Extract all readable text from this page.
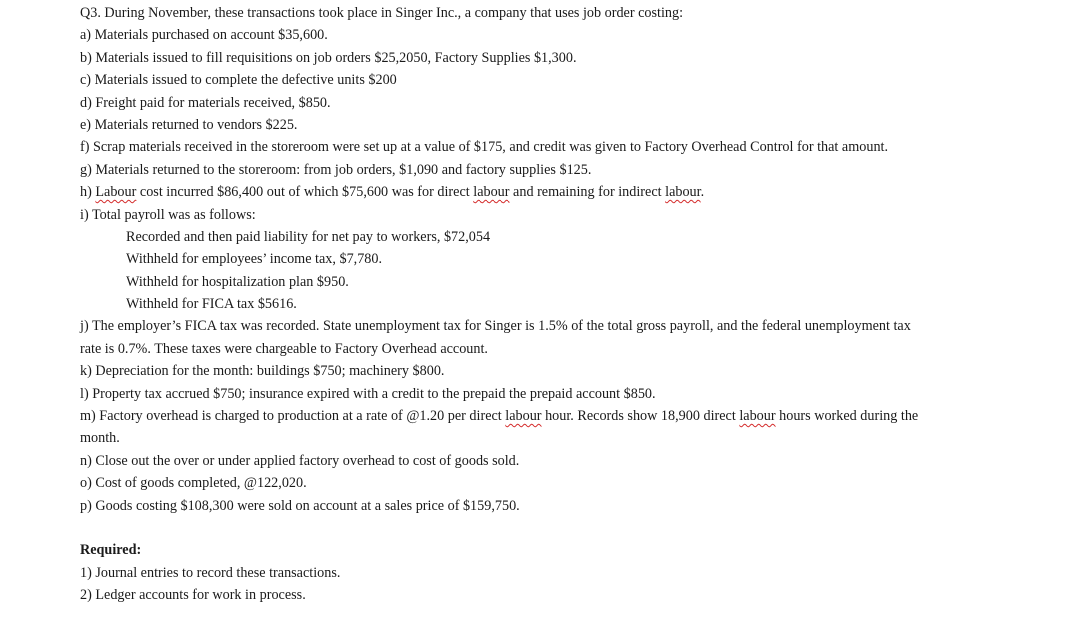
Q3. During November, these transactions took place in Singer Inc., a company that uses job order costing:
a) Materials purchased on account $35,600.
b) Materials issued to fill requisitions on job orders $25,2050, Factory Supplies $1,300.
c) Materials issued to complete the defective units $200
d) Freight paid for materials received, $850.
e) Materials returned to vendors $225.
f) Scrap materials received in the storeroom were set up at a value of $175, and credit was given to Factory Overhead Control for that amount.
g) Materials returned to the storeroom: from job orders, $1,090 and factory supplies $125.
h) Labour cost incurred $86,400 out of which $75,600 was for direct labour and remaining for indirect labour.
i) Total payroll was as follows:
Recorded and then paid liability for net pay to workers, $72,054
Withheld for employees’ income tax, $7,780.
Withheld for hospitalization plan $950.
Withheld for FICA tax $5616.
j) The employer’s FICA tax was recorded. State unemployment tax for Singer is 1.5% of the total gross payroll, and the federal unemployment tax
rate is 0.7%. These taxes were chargeable to Factory Overhead account.
k) Depreciation for the month: buildings $750; machinery $800.
l) Property tax accrued $750; insurance expired with a credit to the prepaid the prepaid account $850.
m) Factory overhead is charged to production at a rate of @1.20 per direct labour hour. Records show 18,900 direct labour hours worked during the
month.
n) Close out the over or under applied factory overhead to cost of goods sold.
o) Cost of goods completed, @122,020.
p) Goods costing $108,300 were sold on account at a sales price of $159,750.
Required:
1) Journal entries to record these transactions.
2) Ledger accounts for work in process.
